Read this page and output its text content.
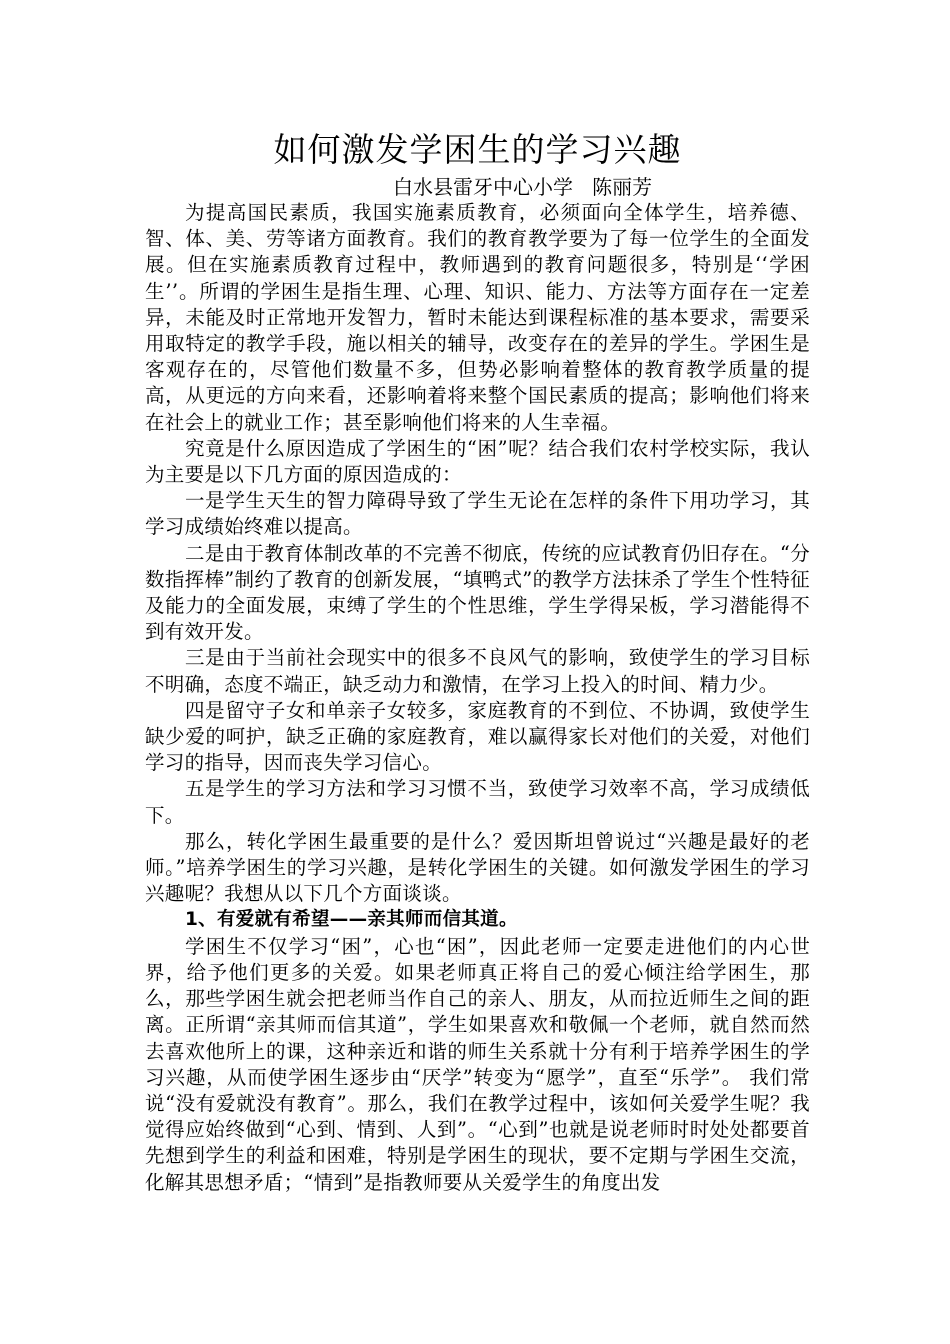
如何激发学困生的学习兴趣
白水县雷牙中心小学   陈丽芳

为提高国民素质，我国实施素质教育，必须面向全体学生，培养德、智、体、美、劳等诸方面教育。我们的教育教学要为了每一位学生的全面发展。但在实施素质教育过程中，教师遇到的教育问题很多，特别是‘‘学困生’’。所谓的学困生是指生理、心理、知识、能力、方法等方面存在一定差异，未能及时正常地开发智力，暂时未能达到课程标准的基本要求，需要采用取特定的教学手段，施以相关的辅导，改变存在的差异的学生。学困生是客观存在的，尽管他们数量不多，但势必影响着整体的教育教学质量的提高，从更远的方向来看，还影响着将来整个国民素质的提高；影响他们将来在社会上的就业工作；甚至影响他们将来的人生幸福。

究竟是什么原因造成了学困生的“困”呢？结合我们农村学校实际，我认为主要是以下几方面的原因造成的：

一是学生天生的智力障碍导致了学生无论在怎样的条件下用功学习，其学习成绩始终难以提高。

二是由于教育体制改革的不完善不彻底，传统的应试教育仍旧存在。“分数指挥棒”制约了教育的创新发展，“填鸭式”的教学方法抹杀了学生个性特征及能力的全面发展，束缚了学生的个性思维，学生学得呆板，学习潜能得不到有效开发。

三是由于当前社会现实中的很多不良风气的影响，致使学生的学习目标不明确，态度不端正，缺乏动力和激情，在学习上投入的时间、精力少。

四是留守子女和单亲子女较多，家庭教育的不到位、不协调，致使学生缺少爱的呵护，缺乏正确的家庭教育，难以赢得家长对他们的关爱，对他们学习的指导，因而丧失学习信心。

五是学生的学习方法和学习习惯不当，致使学习效率不高，学习成绩低下。

那么，转化学困生最重要的是什么？爱因斯坦曾说过“兴趣是最好的老师。”培养学困生的学习兴趣，是转化学困生的关键。如何激发学困生的学习兴趣呢？我想从以下几个方面谈谈。

1、有爱就有希望——亲其师而信其道。

学困生不仅学习“困”，心也“困”，因此老师一定要走进他们的内心世界，给予他们更多的关爱。如果老师真正将自己的爱心倾注给学困生，那么，那些学困生就会把老师当作自己的亲人、朋友，从而拉近师生之间的距离。正所谓“亲其师而信其道”，学生如果喜欢和敬佩一个老师，就自然而然去喜欢他所上的课，这种亲近和谐的师生关系就十分有利于培养学困生的学习兴趣，从而使学困生逐步由“厌学”转变为“愿学”，直至“乐学”。 我们常说“没有爱就没有教育”。那么，我们在教学过程中，该如何关爱学生呢？我觉得应始终做到“心到、情到、人到”。“心到”也就是说老师时时处处都要首先想到学生的利益和困难，特别是学困生的现状，要不定期与学困生交流，化解其思想矛盾；“情到”是指教师要从关爱学生的角度出发
